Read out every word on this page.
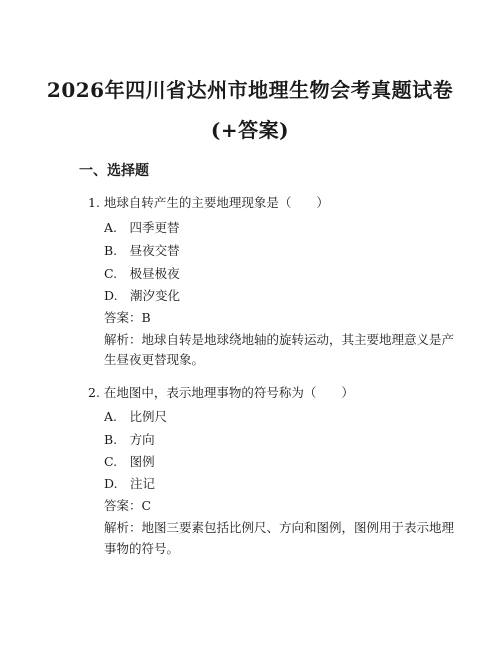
2026年四川省达州市地理生物会考真题试卷
(+答案)
一、选择题
1. 地球自转产生的主要地理现象是（　　）
A.　四季更替
B.　昼夜交替
C.　极昼极夜
D.　潮汐变化
答案：B
解析：地球自转是地球绕地轴的旋转运动，其主要地理意义是产
生昼夜更替现象。
2. 在地图中，表示地理事物的符号称为（　　）
A.　比例尺
B.　方向
C.　图例
D.　注记
答案：C
解析：地图三要素包括比例尺、方向和图例，图例用于表示地理
事物的符号。
